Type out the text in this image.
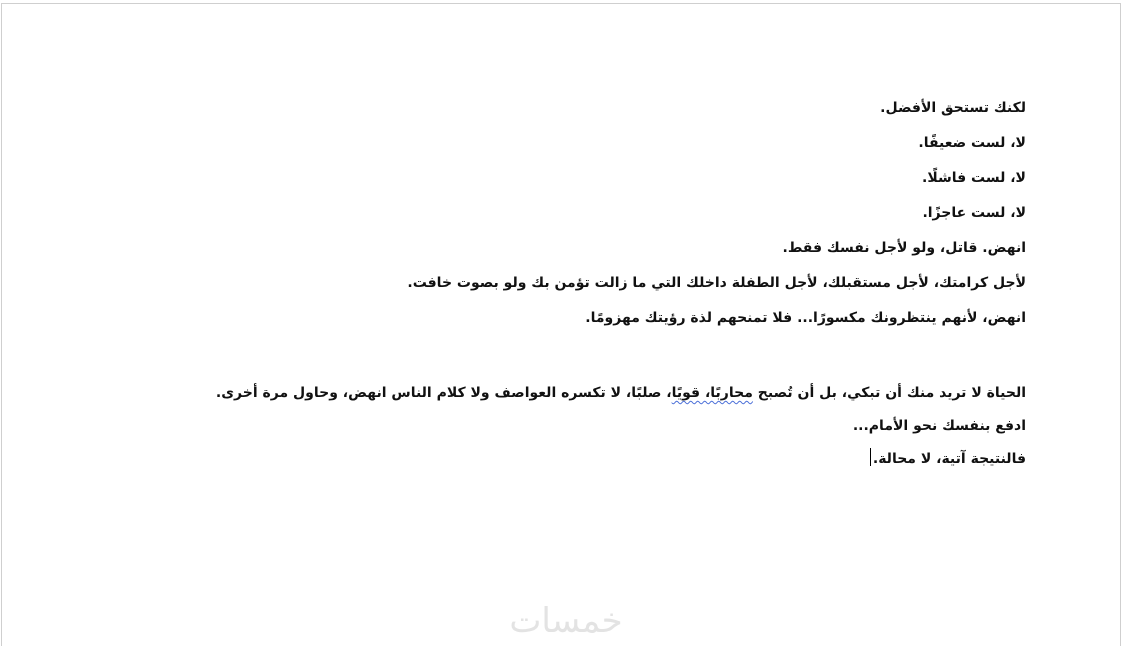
لكنك تستحق الأفضل.
لا، لست ضعيفًا.
لا، لست فاشلًا.
لا، لست عاجزًا.
انهض. قاتل، ولو لأجل نفسك فقط.
لأجل كرامتك، لأجل مستقبلك، لأجل الطفلة داخلك التي ما زالت تؤمن بك ولو بصوت خافت.
انهض، لأنهم ينتظرونك مكسورًا... فلا تمنحهم لذة رؤيتك مهزومًا.
الحياة لا تريد منك أن تبكي، بل أن تُصبح محاربًا، قويًا، صلبًا، لا تكسره العواصف ولا كلام الناس انهض، وحاول مرة أخرى.
ادفع بنفسك نحو الأمام...
فالنتيجة آتية، لا محالة.
خمسات
